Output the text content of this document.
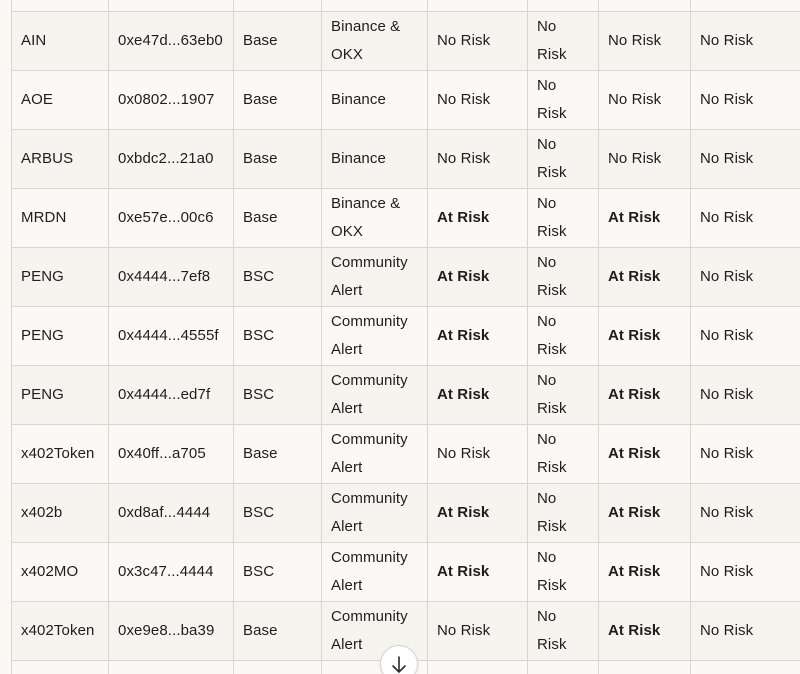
AIN	0xe47d...63eb0	Base	Binance & OKX	No Risk	No Risk	No Risk	No Risk
AOE	0x0802...1907	Base	Binance	No Risk	No Risk	No Risk	No Risk
ARBUS	0xbdc2...21a0	Base	Binance	No Risk	No Risk	No Risk	No Risk
MRDN	0xe57e...00c6	Base	Binance & OKX	At Risk	No Risk	At Risk	No Risk
PENG	0x4444...7ef8	BSC	Community Alert	At Risk	No Risk	At Risk	No Risk
PENG	0x4444...4555f	BSC	Community Alert	At Risk	No Risk	At Risk	No Risk
PENG	0x4444...ed7f	BSC	Community Alert	At Risk	No Risk	At Risk	No Risk
x402Token	0x40ff...a705	Base	Community Alert	No Risk	No Risk	At Risk	No Risk
x402b	0xd8af...4444	BSC	Community Alert	At Risk	No Risk	At Risk	No Risk
x402MO	0x3c47...4444	BSC	Community Alert	At Risk	No Risk	At Risk	No Risk
x402Token	0xe9e8...ba39	Base	Community Alert	No Risk	No Risk	At Risk	No Risk
